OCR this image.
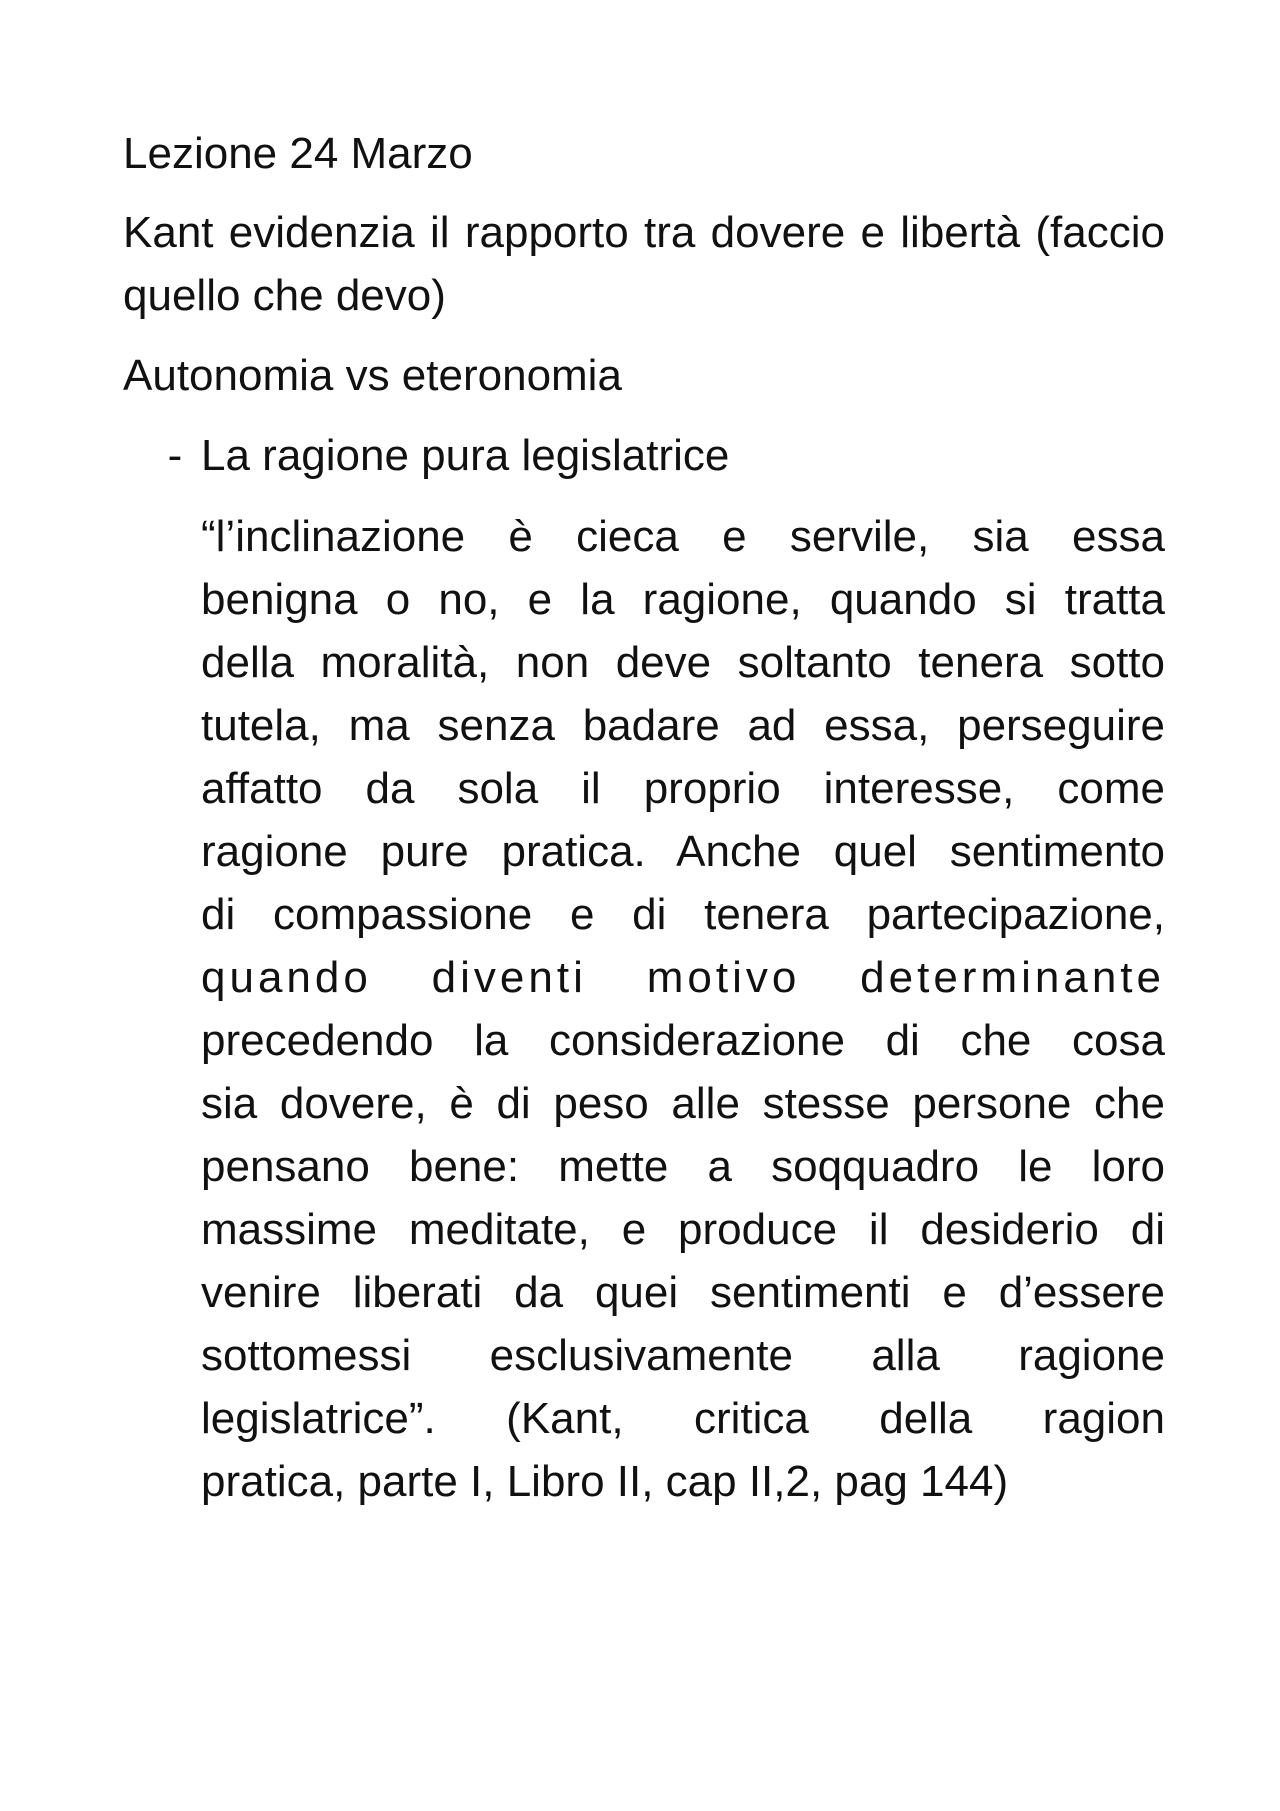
Lezione 24 Marzo

Kant evidenzia il rapporto tra dovere e libertà (faccio quello che devo)

Autonomia vs eteronomia

- La ragione pura legislatrice

“l’inclinazione è cieca e servile, sia essa
benigna o no, e la ragione, quando si tratta
della moralità, non deve soltanto tenera sotto
tutela, ma senza badare ad essa, perseguire
affatto da sola il proprio interesse, come
ragione pure pratica. Anche quel sentimento
di compassione e di tenera partecipazione,
quando diventi motivo determinante
precedendo la considerazione di che cosa
sia dovere, è di peso alle stesse persone che
pensano bene: mette a soqquadro le loro
massime meditate, e produce il desiderio di
venire liberati da quei sentimenti e d’essere
sottomessi esclusivamente alla ragione
legislatrice”. (Kant, critica della ragion
pratica, parte I, Libro II, cap II,2, pag 144)
